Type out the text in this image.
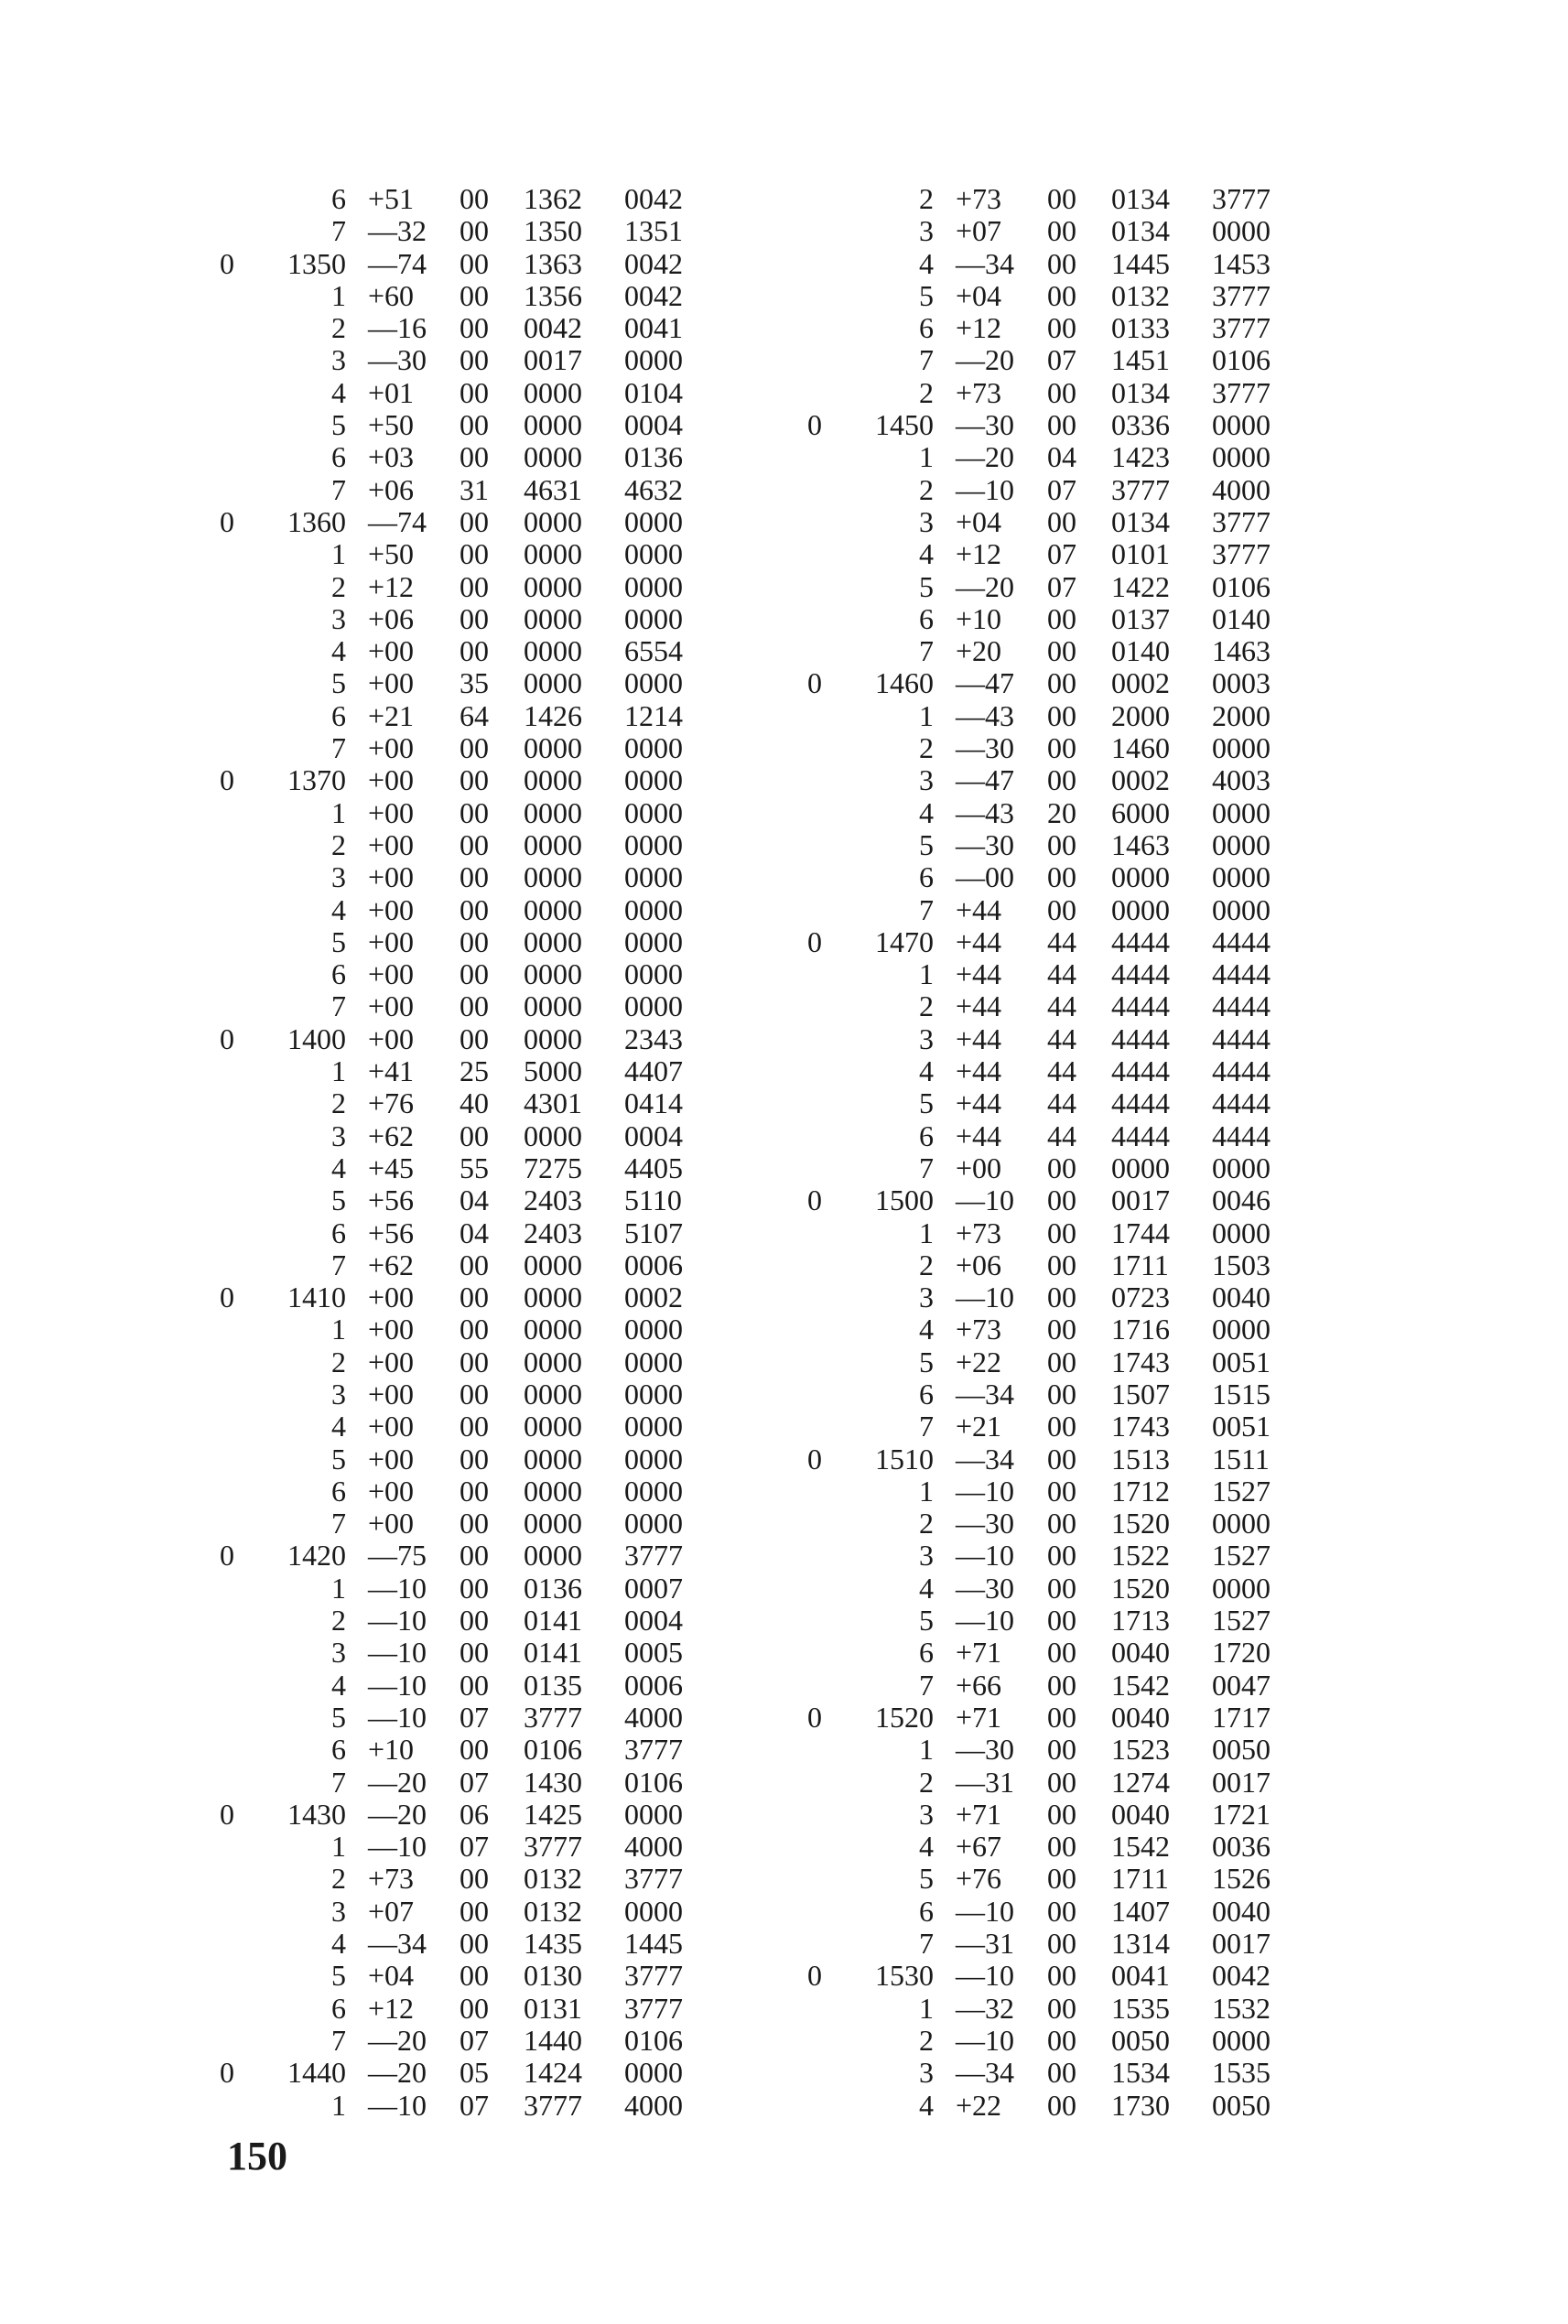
	6	+51	00	1362	0042
	7	—32	00	1350	1351
0	1350	—74	00	1363	0042
	1	+60	00	1356	0042
	2	—16	00	0042	0041
	3	—30	00	0017	0000
	4	+01	00	0000	0104
	5	+50	00	0000	0004
	6	+03	00	0000	0136
	7	+06	31	4631	4632
0	1360	—74	00	0000	0000
	1	+50	00	0000	0000
	2	+12	00	0000	0000
	3	+06	00	0000	0000
	4	+00	00	0000	6554
	5	+00	35	0000	0000
	6	+21	64	1426	1214
	7	+00	00	0000	0000
0	1370	+00	00	0000	0000
	1	+00	00	0000	0000
	2	+00	00	0000	0000
	3	+00	00	0000	0000
	4	+00	00	0000	0000
	5	+00	00	0000	0000
	6	+00	00	0000	0000
	7	+00	00	0000	0000
0	1400	+00	00	0000	2343
	1	+41	25	5000	4407
	2	+76	40	4301	0414
	3	+62	00	0000	0004
	4	+45	55	7275	4405
	5	+56	04	2403	5110
	6	+56	04	2403	5107
	7	+62	00	0000	0006
0	1410	+00	00	0000	0002
	1	+00	00	0000	0000
	2	+00	00	0000	0000
	3	+00	00	0000	0000
	4	+00	00	0000	0000
	5	+00	00	0000	0000
	6	+00	00	0000	0000
	7	+00	00	0000	0000
0	1420	—75	00	0000	3777
	1	—10	00	0136	0007
	2	—10	00	0141	0004
	3	—10	00	0141	0005
	4	—10	00	0135	0006
	5	—10	07	3777	4000
	6	+10	00	0106	3777
	7	—20	07	1430	0106
0	1430	—20	06	1425	0000
	1	—10	07	3777	4000
	2	+73	00	0132	3777
	3	+07	00	0132	0000
	4	—34	00	1435	1445
	5	+04	00	0130	3777
	6	+12	00	0131	3777
	7	—20	07	1440	0106
0	1440	—20	05	1424	0000
	1	—10	07	3777	4000
	2	+73	00	0134	3777
	3	+07	00	0134	0000
	4	—34	00	1445	1453
	5	+04	00	0132	3777
	6	+12	00	0133	3777
	7	—20	07	1451	0106
	2	+73	00	0134	3777
0	1450	—30	00	0336	0000
	1	—20	04	1423	0000
	2	—10	07	3777	4000
	3	+04	00	0134	3777
	4	+12	07	0101	3777
	5	—20	07	1422	0106
	6	+10	00	0137	0140
	7	+20	00	0140	1463
0	1460	—47	00	0002	0003
	1	—43	00	2000	2000
	2	—30	00	1460	0000
	3	—47	00	0002	4003
	4	—43	20	6000	0000
	5	—30	00	1463	0000
	6	—00	00	0000	0000
	7	+44	00	0000	0000
0	1470	+44	44	4444	4444
	1	+44	44	4444	4444
	2	+44	44	4444	4444
	3	+44	44	4444	4444
	4	+44	44	4444	4444
	5	+44	44	4444	4444
	6	+44	44	4444	4444
	7	+00	00	0000	0000
0	1500	—10	00	0017	0046
	1	+73	00	1744	0000
	2	+06	00	1711	1503
	3	—10	00	0723	0040
	4	+73	00	1716	0000
	5	+22	00	1743	0051
	6	—34	00	1507	1515
	7	+21	00	1743	0051
0	1510	—34	00	1513	1511
	1	—10	00	1712	1527
	2	—30	00	1520	0000
	3	—10	00	1522	1527
	4	—30	00	1520	0000
	5	—10	00	1713	1527
	6	+71	00	0040	1720
	7	+66	00	1542	0047
0	1520	+71	00	0040	1717
	1	—30	00	1523	0050
	2	—31	00	1274	0017
	3	+71	00	0040	1721
	4	+67	00	1542	0036
	5	+76	00	1711	1526
	6	—10	00	1407	0040
	7	—31	00	1314	0017
0	1530	—10	00	0041	0042
	1	—32	00	1535	1532
	2	—10	00	0050	0000
	3	—34	00	1534	1535
	4	+22	00	1730	0050
150
